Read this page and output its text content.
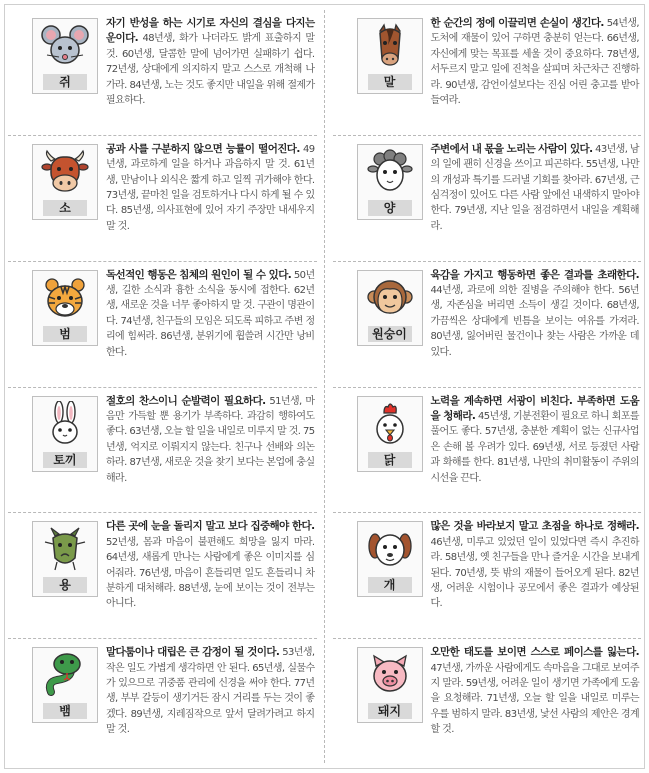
쥐

자기 반성을 하는 시기로 자신의 결심을 다지는 운이다. 48년생, 화가 나더라도 밝게 표출하지 말 것. 60년생, 달콤한 말에 넘어가면 실패하기 쉽다. 72년생, 상대에게 의지하지 말고 스스로 개척해 나가라. 84년생, 노는 것도 좋지만 내일을 위해 절제가 필요하다.

말

한 순간의 정에 이끌리면 손실이 생긴다. 54년생, 도처에 재물이 있어 구하면 충분히 얻는다. 66년생, 자신에게 맞는 목표를 세울 것이 중요하다. 78년생, 서두르지 말고 일에 진척을 살피며 차근차근 진행하라. 90년생, 감언이설보다는 진심 어린 충고를 받아 들여라.

소

공과 사를 구분하지 않으면 능률이 떨어진다. 49년생, 과로하게 일을 하거나 과음하지 말 것. 61년생, 만남이나 외식은 짧게 하고 일찍 귀가해야 한다. 73년생, 끝마친 일을 검토하거나 다시 하게 될 수 있다. 85년생, 의사표현에 있어 자기 주장만 내세우지 말 것.

양

주변에서 내 몫을 노리는 사람이 있다. 43년생, 남의 일에 괜히 신경을 쓰이고 피곤하다. 55년생, 나만의 개성과 특기를 드러낼 기회를 찾아라. 67년생, 근심걱정이 있어도 다른 사람 앞에선 내색하지 말아야 한다. 79년생, 지난 일을 점검하면서 내일을 계획해라.

범

독선적인 행동은 침체의 원인이 될 수 있다. 50년생, 길한 소식과 흉한 소식을 동시에 접한다. 62년생, 새로운 것을 너무 좋아하지 말 것. 구관이 명관이다. 74년생, 친구들의 모임은 되도록 피하고 주변 정리에 힘써라. 86년생, 분위기에 휩쓸려 시간만 낭비한다.

원숭이

육감을 가지고 행동하면 좋은 결과를 초래한다. 44년생, 과로에 의한 질병을 주의해야 한다. 56년생, 자존심을 버리면 소득이 생길 것이다. 68년생, 가끔씩은 상대에게 빈틈을 보이는 여유를 가져라. 80년생, 잃어버린 물건이나 찾는 사람은 가까운 데 있다.

토끼

절호의 찬스이니 순발력이 필요하다. 51년생, 마음만 가득할 뿐 용기가 부족하다. 과감히 행하여도 좋다. 63년생, 오늘 할 일을 내일로 미루지 말 것. 75년생, 억지로 이뤄지지 않는다. 친구나 선배와 의논하라. 87년생, 새로운 것을 찾기 보다는 본업에 충실해라.

닭

노력을 계속하면 서광이 비친다. 부족하면 도움을 청해라. 45년생, 기분전환이 필요로 하니 회포를 풀어도 좋다. 57년생, 충분한 계획이 없는 신규사업은 손해 볼 우려가 있다. 69년생, 서로 등졌던 사람과 화해를 한다. 81년생, 나만의 취미활동이 주위의 시선을 끈다.

용

다른 곳에 눈을 돌리지 말고 보다 집중해야 한다. 52년생, 몸과 마음이 불편해도 희망을 잃지 마라. 64년생, 새롭게 만나는 사람에게 좋은 이미지를 심어줘라. 76년생, 마음이 흔들리면 일도 흔들리니 차분하게 대처해라. 88년생, 눈에 보이는 것이 전부는 아니다.

개

많은 것을 바라보지 말고 초점을 하나로 정해라. 46년생, 미루고 있었던 일이 있었다면 즉시 추진하라. 58년생, 옛 친구들을 만나 즐거운 시간을 보내게 된다. 70년생, 뜻 밖의 재물이 들어오게 된다. 82년생, 어려운 시험이나 공모에서 좋은 결과가 예상된다.

뱀

말다툼이나 대립은 큰 감정이 될 것이다. 53년생, 작은 일도 가볍게 생각하면 안 된다. 65년생, 실물수가 있으므로 귀중품 관리에 신경을 써야 한다. 77년생, 부부 갈등이 생기거든 잠시 거리를 두는 것이 좋겠다. 89년생, 지레짐작으로 앞서 달려가려고 하지 말 것.

돼지

오만한 태도를 보이면 스스로 페이스를 잃는다. 47년생, 가까운 사람에게도 속마음을 그대로 보여주지 말라. 59년생, 어려운 일이 생기면 가족에게 도움을 요청해라. 71년생, 오늘 할 일을 내일로 미루는 우를 범하지 말라. 83년생, 낯선 사람의 제안은 경계할 것.
